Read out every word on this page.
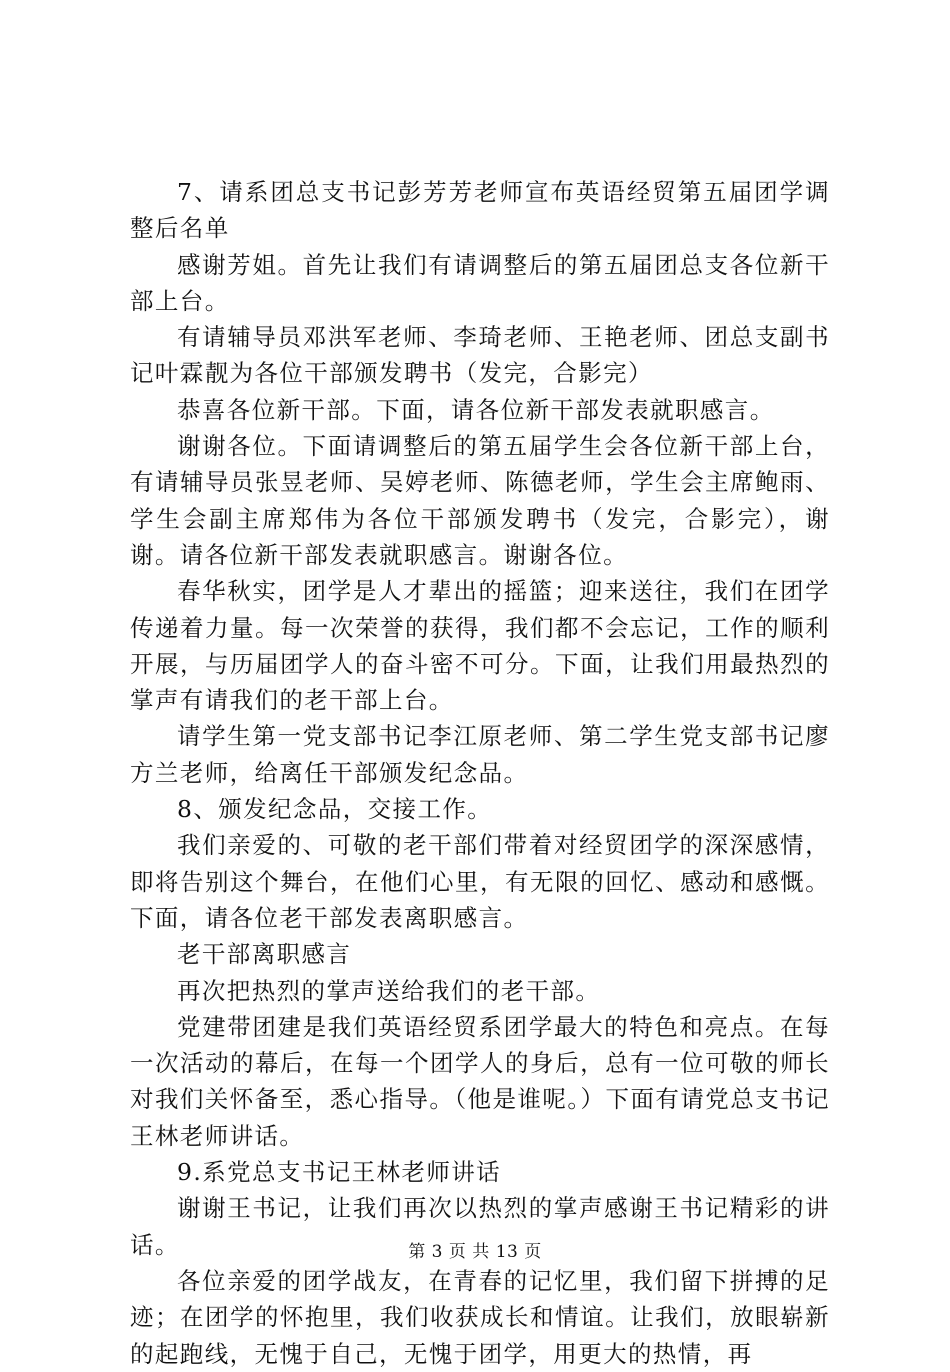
7、请系团总支书记彭芳芳老师宣布英语经贸第五届团学调整后名单

感谢芳姐。首先让我们有请调整后的第五届团总支各位新干部上台。

有请辅导员邓洪军老师、李琦老师、王艳老师、团总支副书记叶霖靓为各位干部颁发聘书（发完，合影完）

恭喜各位新干部。下面，请各位新干部发表就职感言。

谢谢各位。下面请调整后的第五届学生会各位新干部上台，有请辅导员张昱老师、吴婷老师、陈德老师，学生会主席鲍雨、学生会副主席郑伟为各位干部颁发聘书（发完，合影完），谢谢。请各位新干部发表就职感言。谢谢各位。

春华秋实，团学是人才辈出的摇篮；迎来送往，我们在团学传递着力量。每一次荣誉的获得，我们都不会忘记，工作的顺利开展，与历届团学人的奋斗密不可分。下面，让我们用最热烈的掌声有请我们的老干部上台。

请学生第一党支部书记李江原老师、第二学生党支部书记廖方兰老师，给离任干部颁发纪念品。

8、颁发纪念品，交接工作。

我们亲爱的、可敬的老干部们带着对经贸团学的深深感情，即将告别这个舞台，在他们心里，有无限的回忆、感动和感慨。下面，请各位老干部发表离职感言。

老干部离职感言

再次把热烈的掌声送给我们的老干部。

党建带团建是我们英语经贸系团学最大的特色和亮点。在每一次活动的幕后，在每一个团学人的身后，总有一位可敬的师长对我们关怀备至，悉心指导。（他是谁呢。）下面有请党总支书记王林老师讲话。

9.系党总支书记王林老师讲话

谢谢王书记，让我们再次以热烈的掌声感谢王书记精彩的讲话。

各位亲爱的团学战友，在青春的记忆里，我们留下拼搏的足迹；在团学的怀抱里，我们收获成长和情谊。让我们，放眼崭新的起跑线，无愧于自己，无愧于团学，用更大的热情，再

第 3 页 共 13 页
